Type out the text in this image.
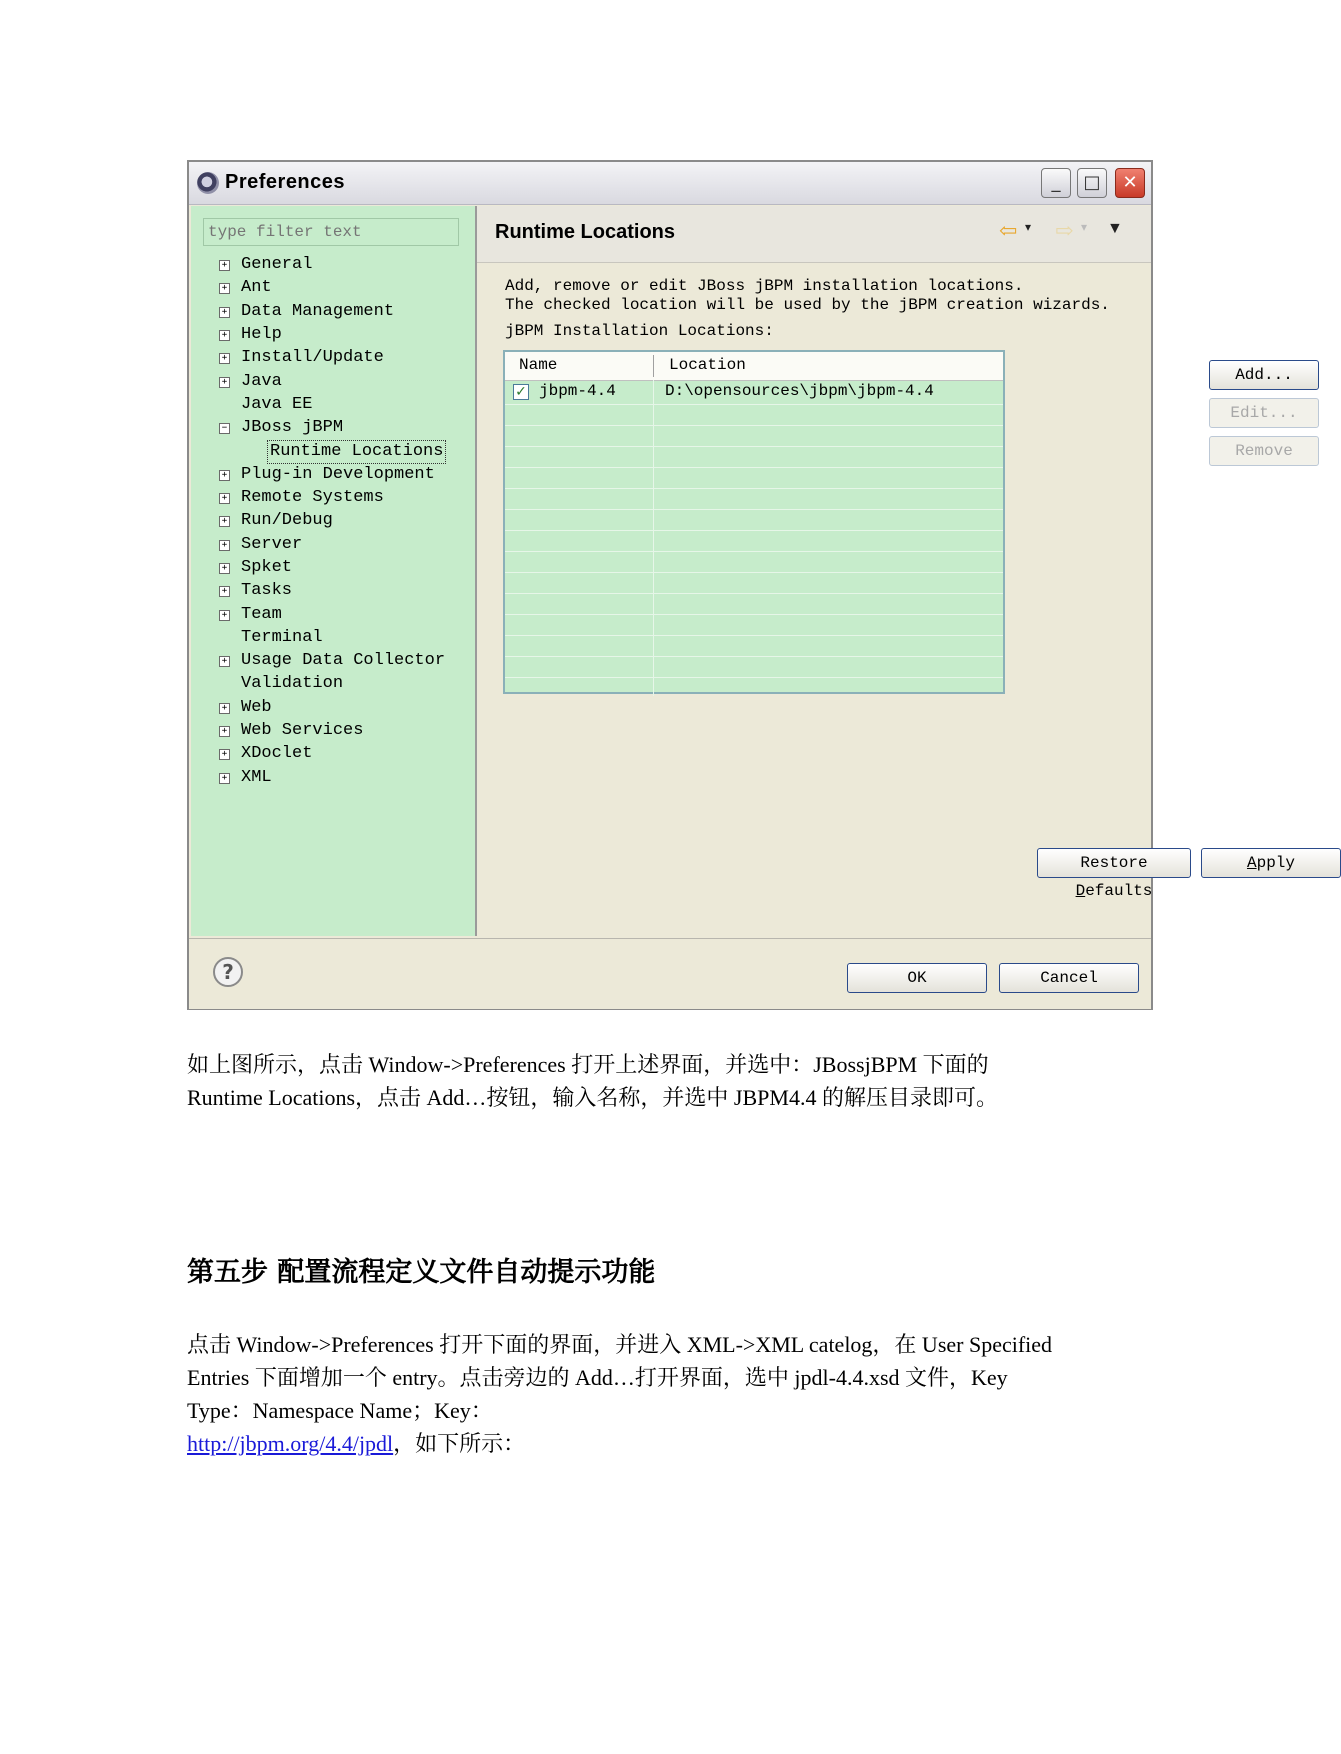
Preferences	_	□	✕
type filter text
+ General
+ Ant
+ Data Management
+ Help
+ Install/Update
+ Java
Java EE
− JBoss jBPM
Runtime Locations
+ Plug-in Development
+ Remote Systems
+ Run/Debug
+ Server
+ Spket
+ Tasks
+ Team
Terminal
+ Usage Data Collector
Validation
+ Web
+ Web Services
+ XDoclet
+ XML
Runtime Locations	⇦ ▾ ⇨ ▾ ▼
Add, remove or edit JBoss jBPM installation locations.
The checked location will be used by the jBPM creation wizards.
jBPM Installation Locations:
Name	Location
✓ jbpm-4.4	D:\opensources\jbpm\jbpm-4.4
Add...
Edit...
Remove
Restore Defaults
Apply
?	OK	Cancel

如上图所示，点击 Window->Preferences 打开上述界面，并选中：JBossjBPM 下面的 Runtime Locations，点击 Add…按钮，输入名称，并选中 JBPM4.4 的解压目录即可。

第五步 配置流程定义文件自动提示功能

点击 Window->Preferences 打开下面的界面，并进入 XML->XML catelog，在 User Specified Entries 下面增加一个 entry。点击旁边的 Add…打开界面，选中 jpdl-4.4.xsd 文件，Key Type：Namespace Name；Key：
http://jbpm.org/4.4/jpdl，如下所示：
